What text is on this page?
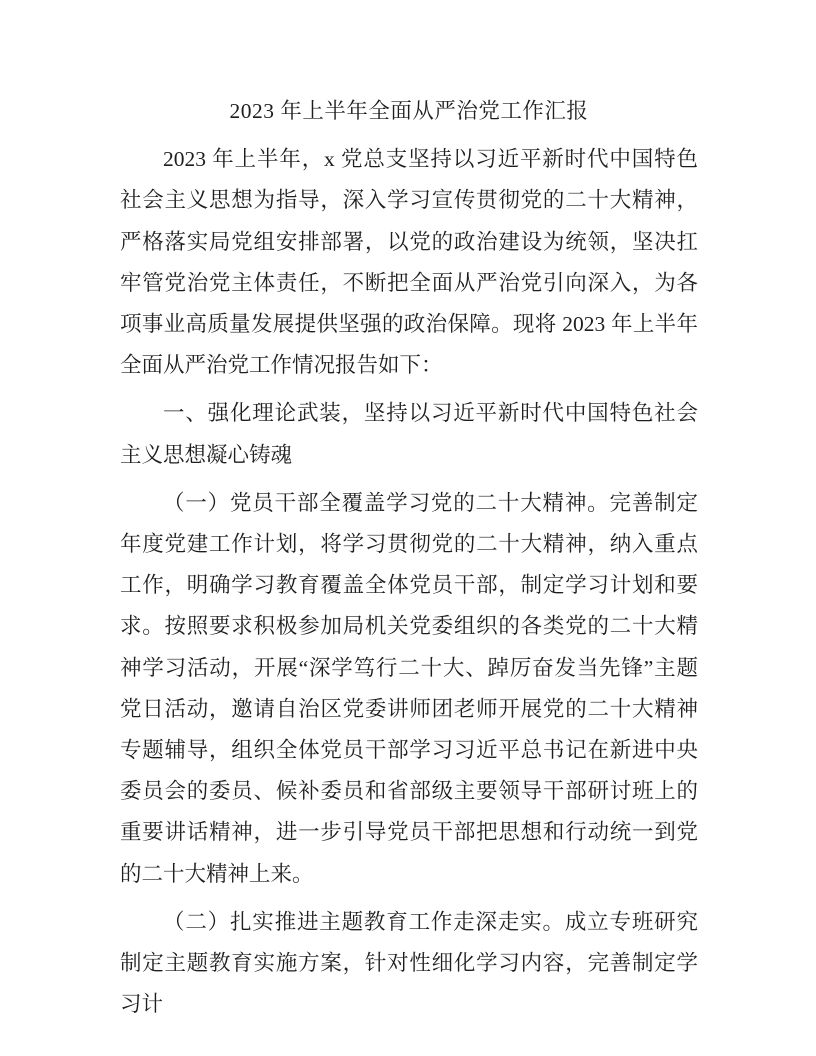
2023 年上半年全面从严治党工作汇报

2023 年上半年，x 党总支坚持以习近平新时代中国特色社会主义思想为指导，深入学习宣传贯彻党的二十大精神，严格落实局党组安排部署，以党的政治建设为统领，坚决扛牢管党治党主体责任，不断把全面从严治党引向深入，为各项事业高质量发展提供坚强的政治保障。现将 2023 年上半年全面从严治党工作情况报告如下：

一、强化理论武装，坚持以习近平新时代中国特色社会主义思想凝心铸魂

（一）党员干部全覆盖学习党的二十大精神。完善制定年度党建工作计划，将学习贯彻党的二十大精神，纳入重点工作，明确学习教育覆盖全体党员干部，制定学习计划和要求。按照要求积极参加局机关党委组织的各类党的二十大精神学习活动，开展“深学笃行二十大、踔厉奋发当先锋”主题党日活动，邀请自治区党委讲师团老师开展党的二十大精神专题辅导，组织全体党员干部学习习近平总书记在新进中央委员会的委员、候补委员和省部级主要领导干部研讨班上的重要讲话精神，进一步引导党员干部把思想和行动统一到党的二十大精神上来。

（二）扎实推进主题教育工作走深走实。成立专班研究制定主题教育实施方案，针对性细化学习内容，完善制定学习计
